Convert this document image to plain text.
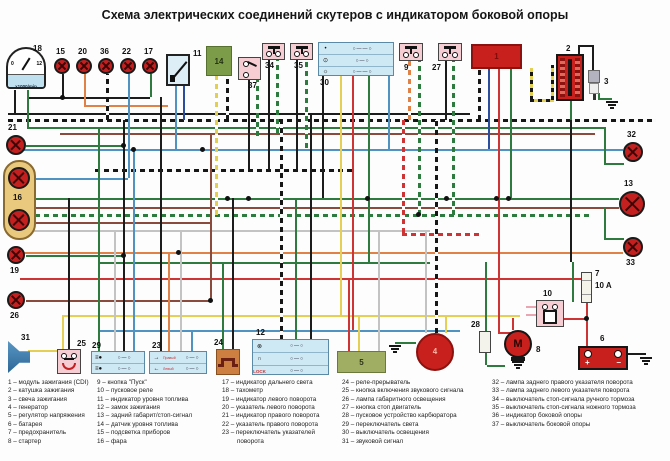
Схема электрических соединений скутеров с индикатором боковой опоры
0	12
x1000/min
14
•	○——○
⊙	○—○
☼	○——○
1
≡●	○—○
≡●	○—○
→	Правый	○—○
←	Левый	○—○
⊗	○—○
∩	○—○
LOCK	○—○
5
4
M
+	–
18 15 20 36 22 17	11
37
34	35
30
9	27
2
3
21
16
19
26
31
25 29	23	24
12
28
8
10
7
10 A
6
32
13
33
1 – модуль зажигания (CDI)
2 – катушка зажигания
3 – свеча зажигания
4 – генератор
5 – регулятор напряжения
6 – батарея
7 – предохранитель
8 – стартер
9 – кнопка "Пуск"
10 – пусковое реле
11 – индикатор уровня топлива
12 – замок зажигания
13 – задний габарит/стоп-сигнал
14 – датчик уровня топлива
15 – подсветка приборов
16 – фара
17 – индикатор дальнего света
18 – тахометр
19 – индикатор левого поворота
20 – указатель левого поворота
21 – индикатор правого поворота
22 – указатель правого поворота
23 – переключатель указателей поворота
24 – реле-прерыватель
25 – кнопка включения звукового сигнала
26 – лампа габаритного освещения
27 – кнопка стоп двигатель
28 – пусковое устройство карбюратора
29 – переключатель света
30 – выключатель освещения
31 – звуковой сигнал
32 – лампа заднего правого указателя поворота
33 – лампа заднего левого указателя поворота
34 – выключатель стоп-сигнала ручного тормоза
35 – выключатель стоп-сигнала ножного тормоза
36 – индикатор боковой опоры
37 – выключатель боковой опоры
